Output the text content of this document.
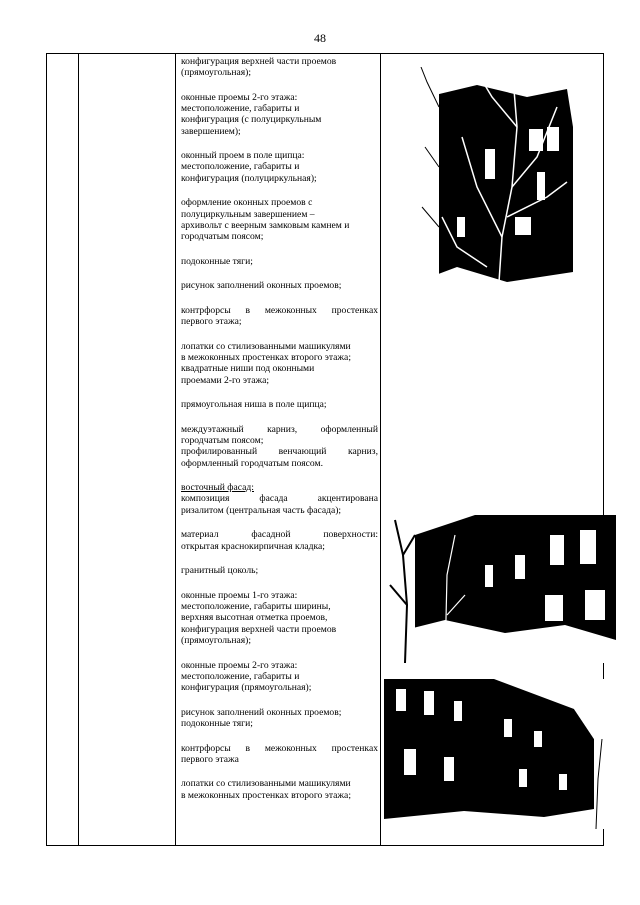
48

конфигурация верхней части проемов
(прямоугольная);

оконные проемы 2-го этажа:
местоположение, габариты и
конфигурация (с полуциркульным
завершением);

оконный проем в поле щипца:
местоположение, габариты и
конфигурация (полуциркульная);

оформление оконных проемов с
полуциркульным завершением –
архивольт с веерным замковым камнем и
городчатым поясом;

подоконные тяги;

рисунок заполнений оконных проемов;

контрфорсы в межоконных простенках
первого этажа;

лопатки со стилизованными машикулями
в межоконных простенках второго этажа;
квадратные ниши под оконными
проемами 2-го этажа;

прямоугольная ниша в поле щипца;

междуэтажный карниз, оформленный
городчатым поясом;
профилированный венчающий карниз,
оформленный городчатым поясом.

восточный фасад:
композиция фасада акцентирована
ризалитом (центральная часть фасада);

материал фасадной поверхности:
открытая краснокирпичная кладка;

гранитный цоколь;

оконные проемы 1-го этажа:
местоположение, габариты ширины,
верхняя высотная отметка проемов,
конфигурация верхней части проемов
(прямоугольная);

оконные проемы 2-го этажа:
местоположение, габариты и
конфигурация (прямоугольная);

рисунок заполнений оконных проемов;
подоконные тяги;

контрфорсы в межоконных простенках
первого этажа

лопатки со стилизованными машикулями
в межоконных простенках второго этажа;
